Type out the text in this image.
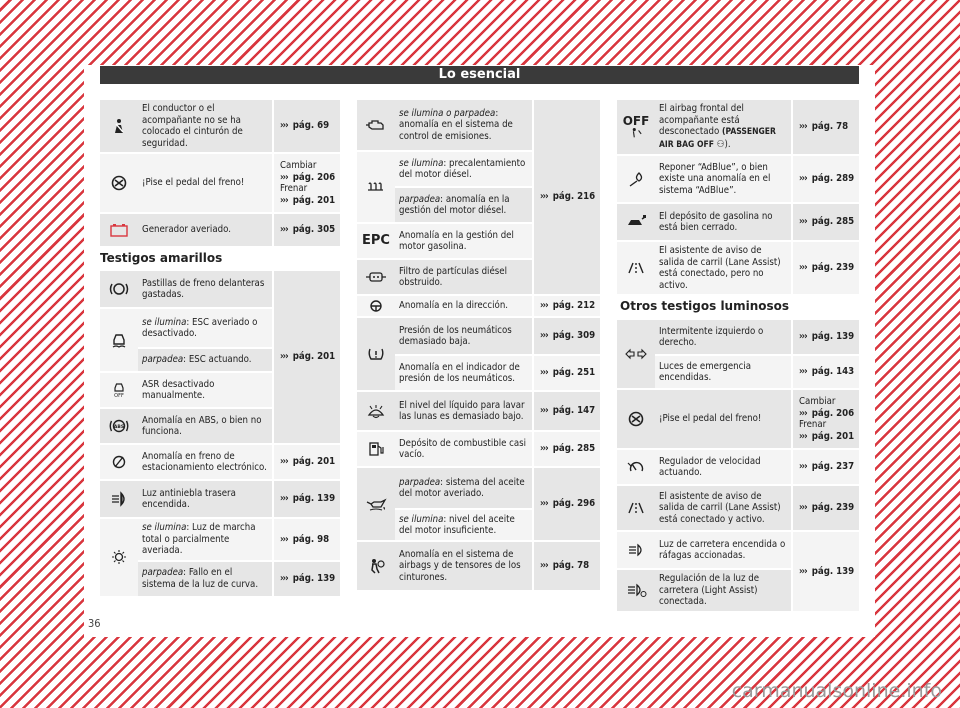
Lo esencial
	El conductor o el acompañante no se ha colocado el cinturón de seguridad.	››› pág. 69

	¡Pise el pedal del freno!	Cambiar
››› pág. 206
Frenar
››› pág. 201

	Generador averiado.	››› pág. 305
Testigos amarillos
	Pastillas de freno delanteras gastadas.	››› pág. 201

	se ilumina: ESC averiado o desactivado.	
	parpadea: ESC actuando.	

OFF	ASR desactivado manualmente.	

ABS	Anomalía en ABS, o bien no funciona.	

	Anomalía en freno de estacionamiento electrónico.	››› pág. 201

	Luz antiniebla trasera encendida.	››› pág. 139

	se ilumina: Luz de marcha total o parcialmente averiada.	››› pág. 98
	parpadea: Fallo en el sistema de la luz de curva.	››› pág. 139
	se ilumina o parpadea: anomalía en el sistema de control de emisiones.	››› pág. 216

	se ilumina: precalentamiento del motor diésel.	
	parpadea: anomalía en la gestión del motor diésel.	
EPC	Anomalía en la gestión del motor gasolina.	

	Filtro de partículas diésel obstruido.	

	Anomalía en la dirección.	››› pág. 212

	Presión de los neumáticos demasiado baja.	››› pág. 309
	Anomalía en el indicador de presión de los neumáticos.	››› pág. 251

	El nivel del líquido para lavar las lunas es demasiado bajo.	››› pág. 147

	Depósito de combustible casi vacío.	››› pág. 285

	parpadea: sistema del aceite del motor averiado.	››› pág. 296
	se ilumina: nivel del aceite del motor insuficiente.	

	Anomalía en el sistema de airbags y de tensores de los cinturones.	››› pág. 78
OFF	El airbag frontal del acompañante está desconectado (PASSENGER AIR BAG OFF ⚇).	››› pág. 78

	Reponer “AdBlue”, o bien existe una anomalía en el sistema “AdBlue”.	››› pág. 289

	El depósito de gasolina no está bien cerrado.	››› pág. 285

	El asistente de aviso de salida de carril (Lane Assist) está conectado, pero no activo.	››› pág. 239
Otros testigos luminosos
	Intermitente izquierdo o derecho.	››› pág. 139
	Luces de emergencia encendidas.	››› pág. 143

	¡Pise el pedal del freno!	Cambiar
››› pág. 206
Frenar
››› pág. 201

	Regulador de velocidad actuando.	››› pág. 237

	El asistente de aviso de salida de carril (Lane Assist) está conectado y activo.	››› pág. 239

	Luz de carretera encendida o ráfagas accionadas.	››› pág. 139

	Regulación de la luz de carretera (Light Assist) conectada.	
36
carmanualsonline.info
